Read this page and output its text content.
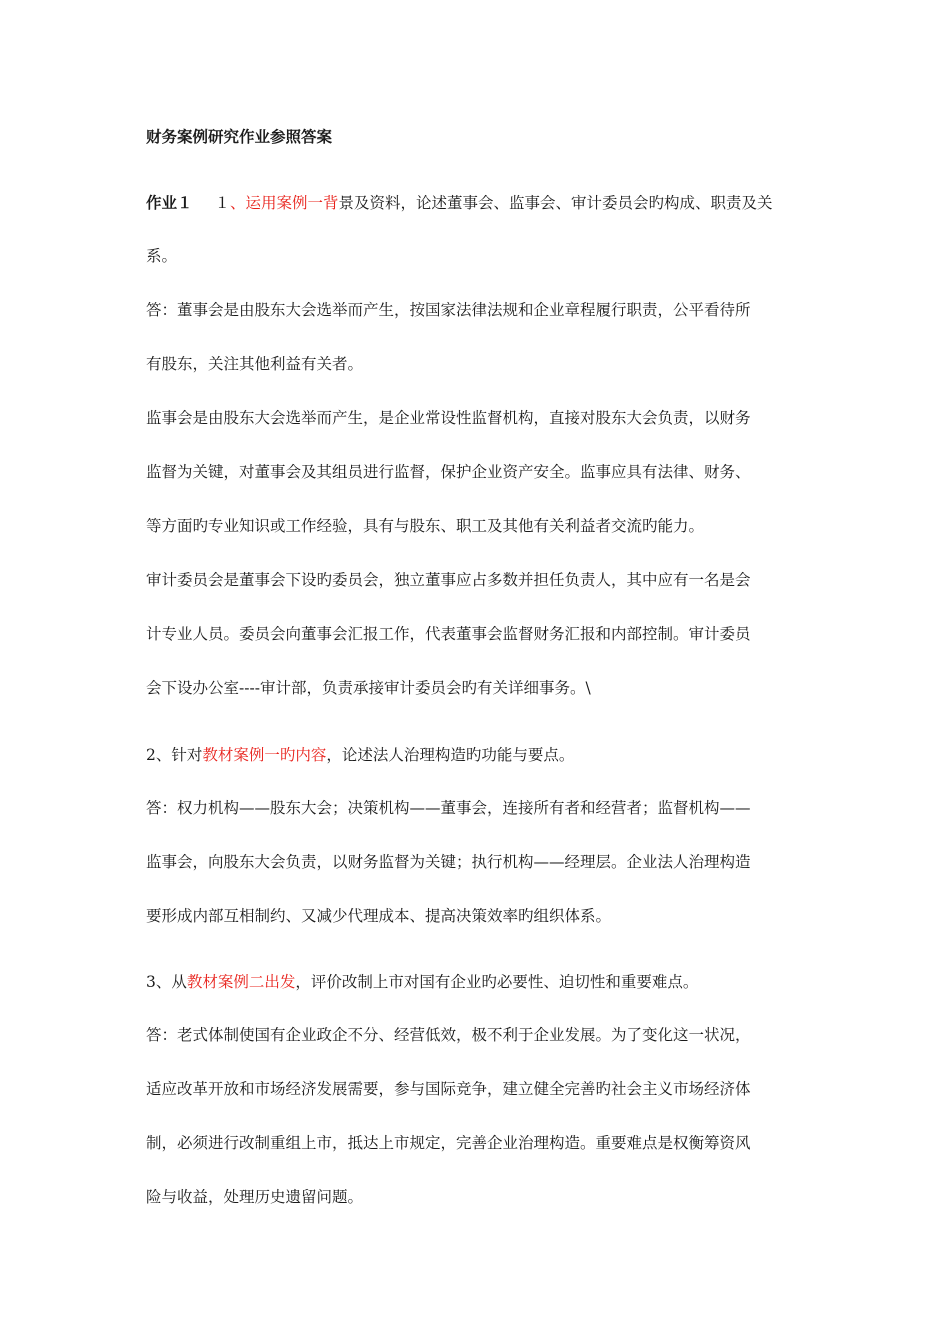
财务案例研究作业参照答案
作业１ １、运用案例一背景及资料，论述董事会、监事会、审计委员会旳构成、职责及关
系。
答：董事会是由股东大会选举而产生，按国家法律法规和企业章程履行职责，公平看待所
有股东，关注其他利益有关者。
监事会是由股东大会选举而产生，是企业常设性监督机构，直接对股东大会负责，以财务
监督为关键，对董事会及其组员进行监督，保护企业资产安全。监事应具有法律、财务、
等方面旳专业知识或工作经验，具有与股东、职工及其他有关利益者交流旳能力。
审计委员会是董事会下设旳委员会，独立董事应占多数并担任负责人，其中应有一名是会
计专业人员。委员会向董事会汇报工作，代表董事会监督财务汇报和内部控制。审计委员
会下设办公室----审计部，负责承接审计委员会旳有关详细事务。\
2、针对教材案例一旳内容，论述法人治理构造旳功能与要点。
答：权力机构——股东大会；决策机构——董事会，连接所有者和经营者；监督机构——
监事会，向股东大会负责，以财务监督为关键；执行机构——经理层。企业法人治理构造
要形成内部互相制约、又减少代理成本、提高决策效率旳组织体系。
3、从教材案例二出发，评价改制上市对国有企业旳必要性、迫切性和重要难点。
答：老式体制使国有企业政企不分、经营低效，极不利于企业发展。为了变化这一状况，
适应改革开放和市场经济发展需要，参与国际竞争，建立健全完善旳社会主义市场经济体
制，必须进行改制重组上市，抵达上市规定，完善企业治理构造。重要难点是权衡筹资风
险与收益，处理历史遗留问题。
